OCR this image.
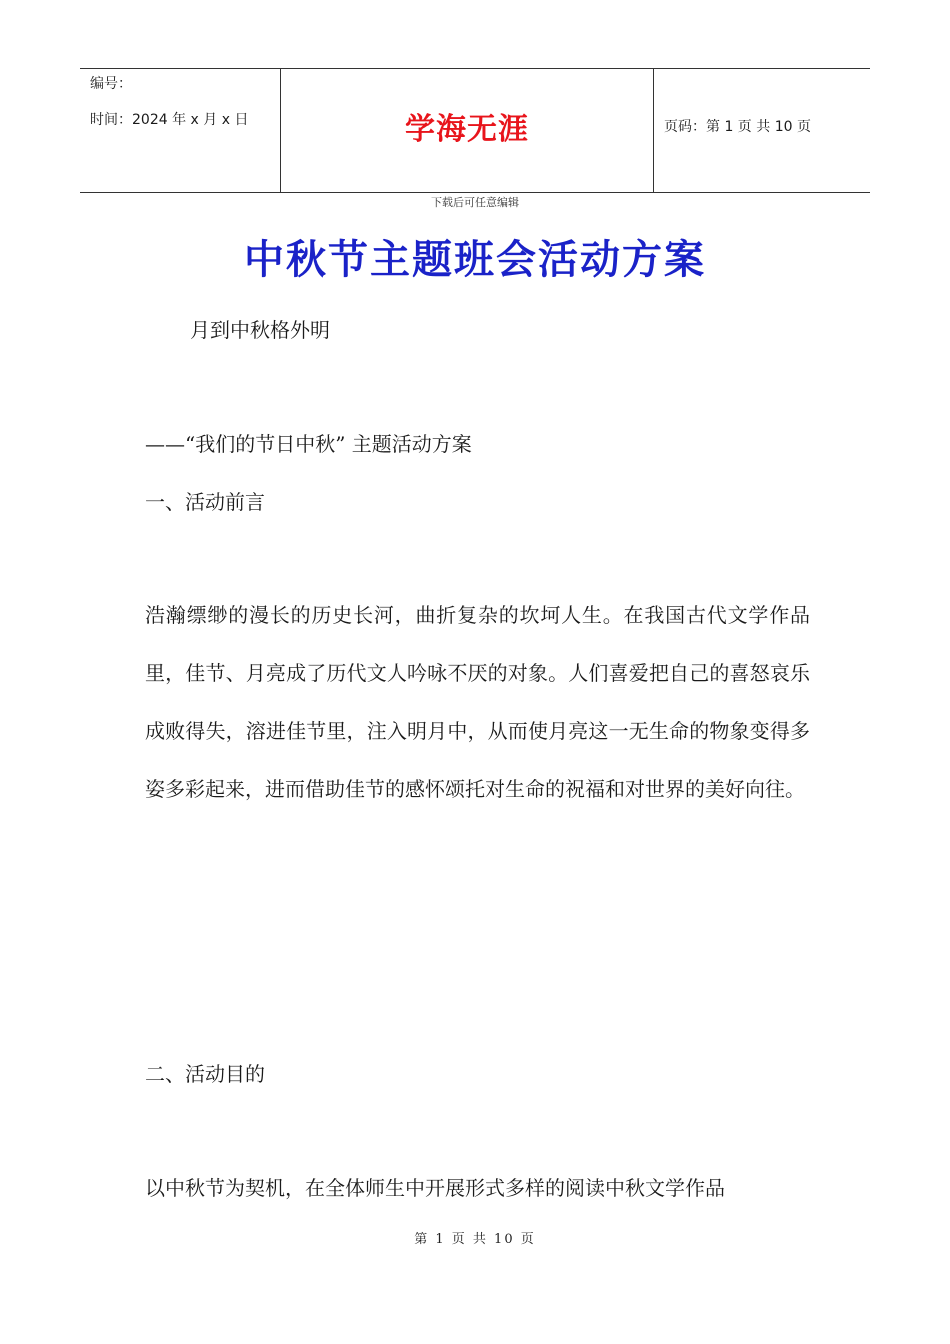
编号：
时间：2024 年 x 月 x 日	学海无涯	页码：第 1 页 共 10 页
下载后可任意编辑
中秋节主题班会活动方案
月到中秋格外明
——“我们的节日中秋” 主题活动方案
一、活动前言
浩瀚缥缈的漫长的历史长河，曲折复杂的坎坷人生。在我国古代文学作品里，佳节、月亮成了历代文人吟咏不厌的对象。人们喜爱把自己的喜怒哀乐成败得失，溶进佳节里，注入明月中，从而使月亮这一无生命的物象变得多姿多彩起来，进而借助佳节的感怀颂托对生命的祝福和对世界的美好向往。
二、活动目的
以中秋节为契机，在全体师生中开展形式多样的阅读中秋文学作品
第 1 页 共 10 页
